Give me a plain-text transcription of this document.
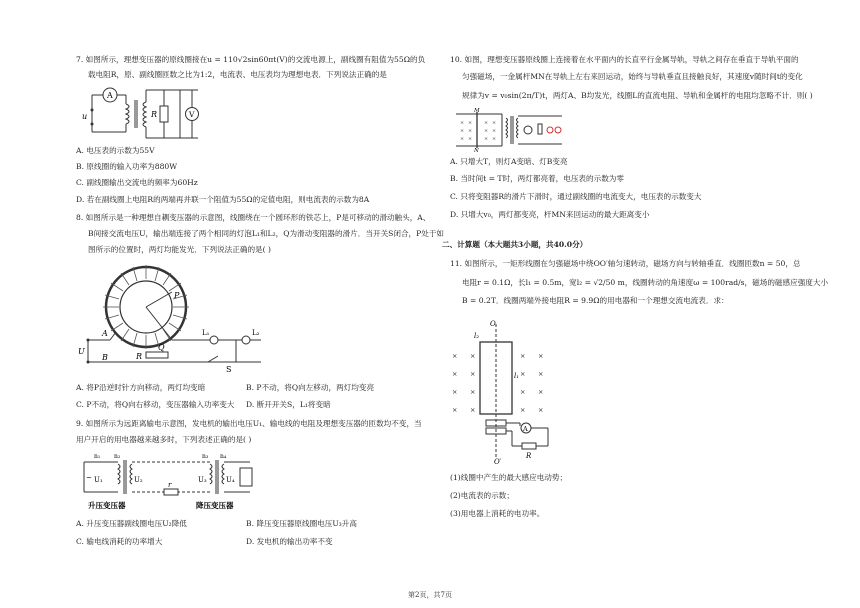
7. 如图所示，理想变压器的原线圈接在u = 110√2sin60πt(V)的交流电源上，副线圈有阻值为55Ω的负
载电阻R，原、副线圈匝数之比为1:2，电流表、电压表均为理想电表．下列说法正确的是
A
u	R	V
A. 电压表的示数为55V
B. 原线圈的输入功率为880W
C. 副线圈输出交流电的频率为60Hz
D. 若在副线圈上电阻R的两端再并联一个阻值为55Ω的定值电阻，则电流表的示数为8A
8. 如图所示是一种理想自耦变压器的示意图，线圈绕在一个圆环形的铁芯上，P是可移动的滑动触头，A、
B间接交流电压U，输出端连接了两个相同的灯泡L₁和L₂，Q为滑动变阻器的滑片．当开关S闭合，P处于如
图所示的位置时，两灯均能发光．下列说法正确的是( )
P
U
A
B	R
Q
L₁	L₂
S
A. 将P沿逆时针方向移动，两灯均变暗	B. P不动，将Q向左移动，两灯均变亮
C. P不动，将Q向右移动，变压器输入功率变大 D. 断开开关S，L₁将变暗
9. 如图所示为远距离输电示意图，发电机的输出电压U₁、输电线的电阻及理想变压器的匝数均不变，当
用户开启的用电器越来越多时，下列表述正确的是( )
~ U₁
n₁ n₂
U₂
r
U₃
n₃ n₄
U₄
升压变压器	降压变压器
A. 升压变压器副线圈电压U₂降低	B. 降压变压器原线圈电压U₃升高
C. 输电线消耗的功率增大	D. 发电机的输出功率不变
10. 如图，理想变压器原线圈上连接着在水平面内的长直平行金属导轨，导轨之间存在垂直于导轨平面的
匀强磁场，一金属杆MN在导轨上左右来回运动，始终与导轨垂直且接触良好，其速度v随时间t的变化
规律为v = v₀sin(2π/T)t，两灯A、B均发光，线圈L的直流电阻、导轨和金属杆的电阻均忽略不计．则( )
× × × ×
× × × ×
× × × ×
M
N
A. 只增大T，则灯A变暗、灯B变亮
B. 当时间t = T时，两灯都亮着，电压表的示数为零
C. 只将变阻器R的滑片下滑时，通过副线圈的电流变大，电压表的示数变大
D. 只增大v₀，两灯都变亮，杆MN来回运动的最大距离变小
二、计算题（本大题共3小题，共40.0分）
11. 如图所示，一矩形线圈在匀强磁场中绕OO′轴匀速转动，磁场方向与转轴垂直．线圈匝数n = 50，总
电阻r = 0.1Ω，长l₁ = 0.5m，宽l₂ = √2/50 m，线圈转动的角速度ω = 100rad/s，磁场的磁感应强度大小
B = 0.2T．线圈两端外接电阻R = 9.9Ω的用电器和一个理想交流电流表．求：
×
×
×
×
×
×
×
×
×
×
×
×
×
×
×
×
O
O′
l₂
l₁
A
R
(1)线圈中产生的最大感应电动势；
(2)电流表的示数；
(3)用电器上消耗的电功率。
第2页，共7页
